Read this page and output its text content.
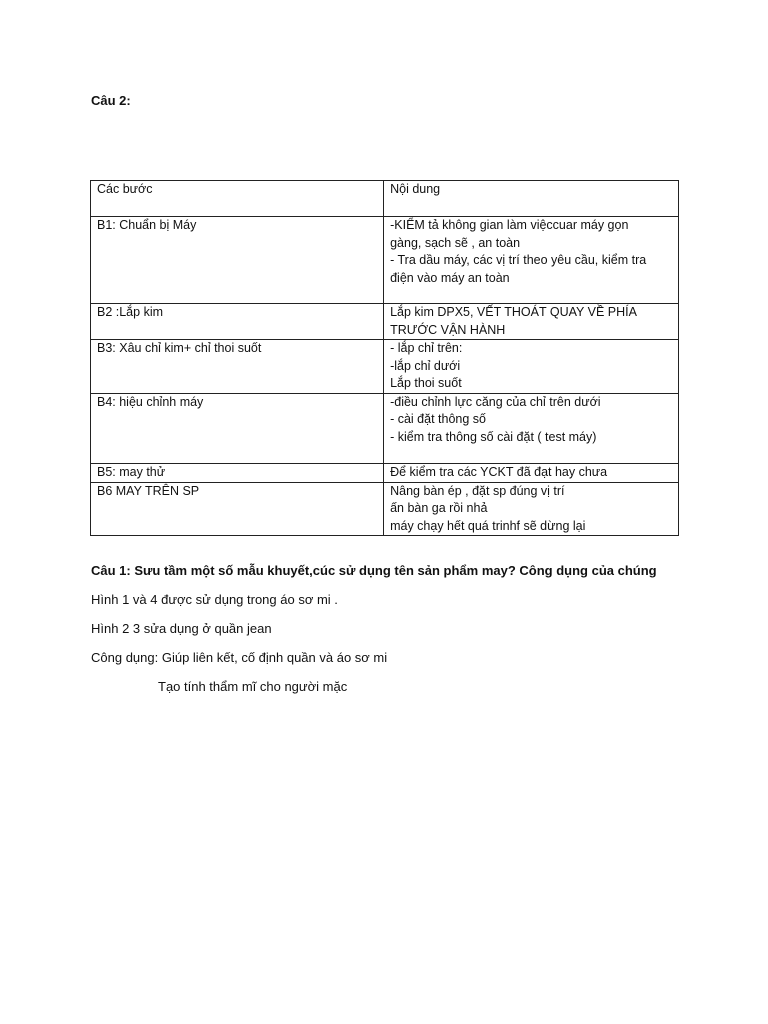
Câu 2:

Các bước	Nội dung
B1: Chuẩn bị Máy	-KIỂM tả không gian làm việccuar máy gọn
gàng, sạch sẽ , an toàn
- Tra dầu máy, các vị trí theo yêu cầu, kiểm tra
điện vào máy an toàn

B2 :Lắp kim	Lắp kim DPX5, VẾT THOÁT QUAY VỀ PHÍA
TRƯỚC VẬN HÀNH

B3: Xâu chỉ kim+ chỉ thoi suốt	- lắp chỉ trên:
-lắp chỉ dưới
Lắp thoi suốt

B4: hiệu chỉnh máy	-điều chỉnh lực căng của chỉ trên dưới
- cài đặt thông số
- kiểm tra thông số cài đặt ( test máy)

B5: may thử	Để kiểm tra các YCKT đã đạt hay chưa

B6 MAY TRÊN SP	Nâng bàn ép , đặt sp đúng vị trí
ấn bàn ga rồi nhả
máy chạy hết quá trinhf sẽ dừng lại

Câu 1: Sưu tầm một số mẫu khuyết,cúc sử dụng tên sản phẩm may? Công dụng của chúng

Hình 1 và 4 được sử dụng trong áo sơ mi .

Hình 2 3 sửa dụng ở quần jean

Công dụng: Giúp liên kết, cố định quần và áo sơ mi

Tạo tính thẩm mĩ cho người mặc
